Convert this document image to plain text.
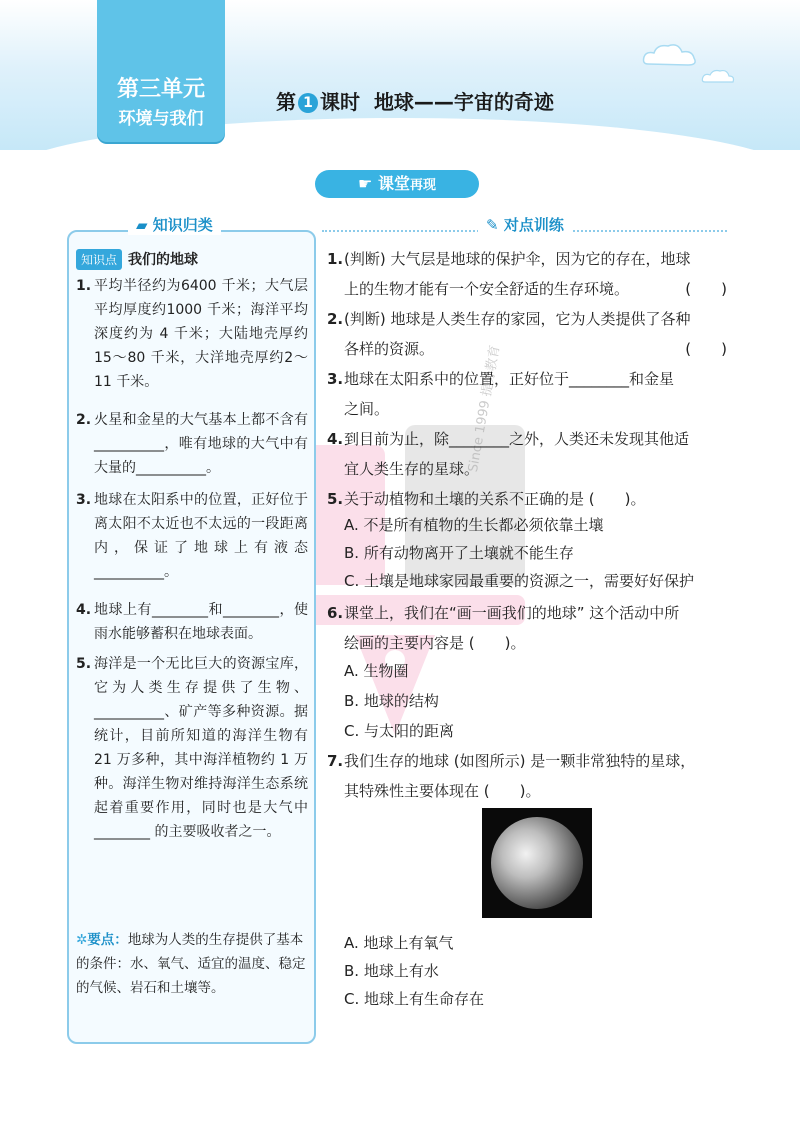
第三单元
环境与我们
第 1 课时 地球——宇宙的奇迹
☛ 课堂再现
Since 1999 提分教育
▰ 知识归类
知识点 我们的地球
1. 平均半径约为6400 千米；大气层平均厚度约1000 千米；海洋平均深度约为 4 千米；大陆地壳厚约15～80 千米，大洋地壳厚约2～11 千米。
2. 火星和金星的大气基本上都不含有__________，唯有地球的大气中有大量的__________。
3. 地球在太阳系中的位置，正好位于离太阳不太近也不太远的一段距离内，保证了地球上有液态__________。
4. 地球上有________和________，使雨水能够蓄积在地球表面。
5. 海洋是一个无比巨大的资源宝库，它为人类生存提供了生物、__________、矿产等多种资源。据统计，目前所知道的海洋生物有 21 万多种，其中海洋植物约 1 万种。海洋生物对维持海洋生态系统起着重要作用，同时也是大气中 ________ 的主要吸收者之一。
✲要点：地球为人类的生存提供了基本的条件：水、氧气、适宜的温度、稳定的气候、岩石和土壤等。
✎ 对点训练
1. (判断) 大气层是地球的保护伞，因为它的存在，地球
上的生物才能有一个安全舒适的生存环境。	(　　)
2. (判断) 地球是人类生存的家园，它为人类提供了各种
各样的资源。	(　　)
3. 地球在太阳系中的位置，正好位于________和金星
之间。
4. 到目前为止，除________之外，人类还未发现其他适
宜人类生存的星球。
5. 关于动植物和土壤的关系不正确的是 (　　)。
A. 不是所有植物的生长都必须依靠土壤
B. 所有动物离开了土壤就不能生存
C. 土壤是地球家园最重要的资源之一，需要好好保护
6. 课堂上，我们在“画一画我们的地球” 这个活动中所
绘画的主要内容是 (　　)。
A. 生物圈
B. 地球的结构
C. 与太阳的距离
7. 我们生存的地球 (如图所示) 是一颗非常独特的星球，
其特殊性主要体现在 (　　)。
A. 地球上有氧气
B. 地球上有水
C. 地球上有生命存在
